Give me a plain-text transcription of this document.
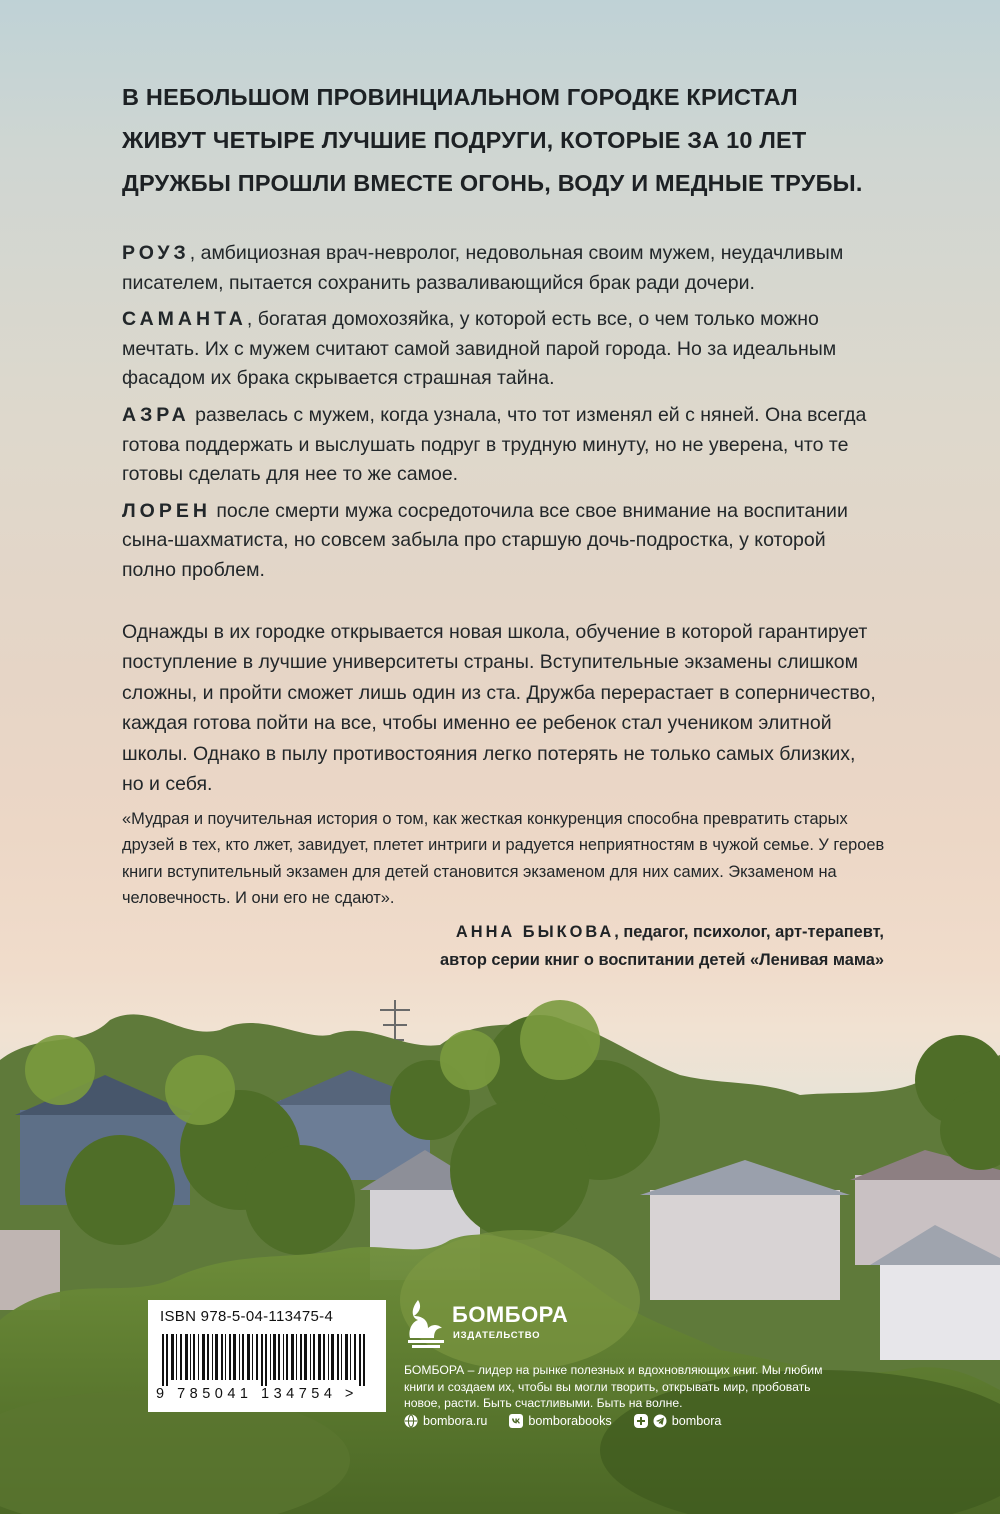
В НЕБОЛЬШОМ ПРОВИНЦИАЛЬНОМ ГОРОДКЕ КРИСТАЛ
ЖИВУТ ЧЕТЫРЕ ЛУЧШИЕ ПОДРУГИ, КОТОРЫЕ ЗА 10 ЛЕТ
ДРУЖБЫ ПРОШЛИ ВМЕСТЕ ОГОНЬ, ВОДУ И МЕДНЫЕ ТРУБЫ.

РОУЗ, амбициозная врач-невролог, недовольная своим мужем, неудачливым писателем, пытается сохранить разваливающийся брак ради дочери.

САМАНТА, богатая домохозяйка, у которой есть все, о чем только можно мечтать. Их с мужем считают самой завидной парой города. Но за идеальным фасадом их брака скрывается страшная тайна.

АЗРА развелась с мужем, когда узнала, что тот изменял ей с няней. Она всегда готова поддержать и выслушать подруг в трудную минуту, но не уверена, что те готовы сделать для нее то же самое.

ЛОРЕН после смерти мужа сосредоточила все свое внимание на воспитании сына-шахматиста, но совсем забыла про старшую дочь-подростка, у которой полно проблем.

Однажды в их городке открывается новая школа, обучение в которой гарантирует поступление в лучшие университеты страны. Вступительные экзамены слишком сложны, и пройти сможет лишь один из ста. Дружба перерастает в соперничество, каждая готова пойти на все, чтобы именно ее ребенок стал учеником элитной школы. Однако в пылу противостояния легко потерять не только самых близких, но и себя.

«Мудрая и поучительная история о том, как жесткая конкуренция способна превратить старых друзей в тех, кто лжет, завидует, плетет интриги и радуется неприятностям в чужой семье. У героев книги вступительный экзамен для детей становится экзаменом для них самих. Экзаменом на человечность. И они его не сдают».

АННА БЫКОВА, педагог, психолог, арт-терапевт,
автор серии книг о воспитании детей «Ленивая мама»
ISBN 978-5-04-113475-4
9 785041 134754 >
БОМБОРА
ИЗДАТЕЛЬСТВО
БОМБОРА – лидер на рынке полезных и вдохновляющих книг. Мы любим книги и создаем их, чтобы вы могли творить, открывать мир, пробовать новое, расти. Быть счастливыми. Быть на волне.
bombora.ru	bomborabooks	bombora
